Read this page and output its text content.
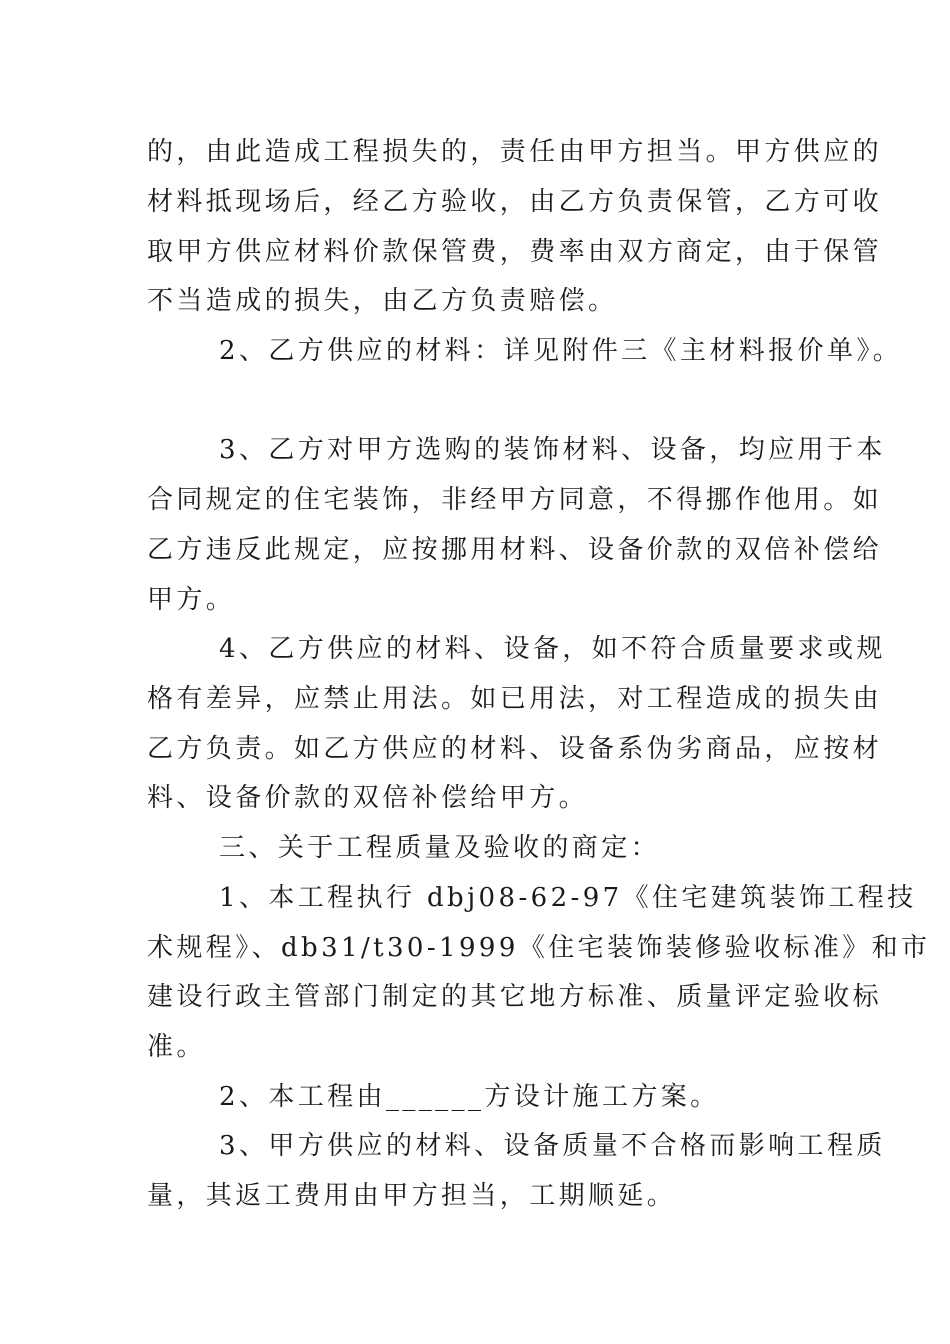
的，由此造成工程损失的，责任由甲方担当。甲方供应的
材料抵现场后，经乙方验收，由乙方负责保管，乙方可收
取甲方供应材料价款保管费，费率由双方商定，由于保管
不当造成的损失，由乙方负责赔偿。
2、乙方供应的材料：详见附件三《主材料报价单》。
3、乙方对甲方选购的装饰材料、设备，均应用于本
合同规定的住宅装饰，非经甲方同意，不得挪作他用。如
乙方违反此规定，应按挪用材料、设备价款的双倍补偿给
甲方。
4、乙方供应的材料、设备，如不符合质量要求或规
格有差异，应禁止用法。如已用法，对工程造成的损失由
乙方负责。如乙方供应的材料、设备系伪劣商品，应按材
料、设备价款的双倍补偿给甲方。
三、关于工程质量及验收的商定：
1、本工程执行 dbj08-62-97《住宅建筑装饰工程技
术规程》、db31/t30-1999《住宅装饰装修验收标准》和市
建设行政主管部门制定的其它地方标准、质量评定验收标
准。
2、本工程由______方设计施工方案。
3、甲方供应的材料、设备质量不合格而影响工程质
量，其返工费用由甲方担当，工期顺延。
